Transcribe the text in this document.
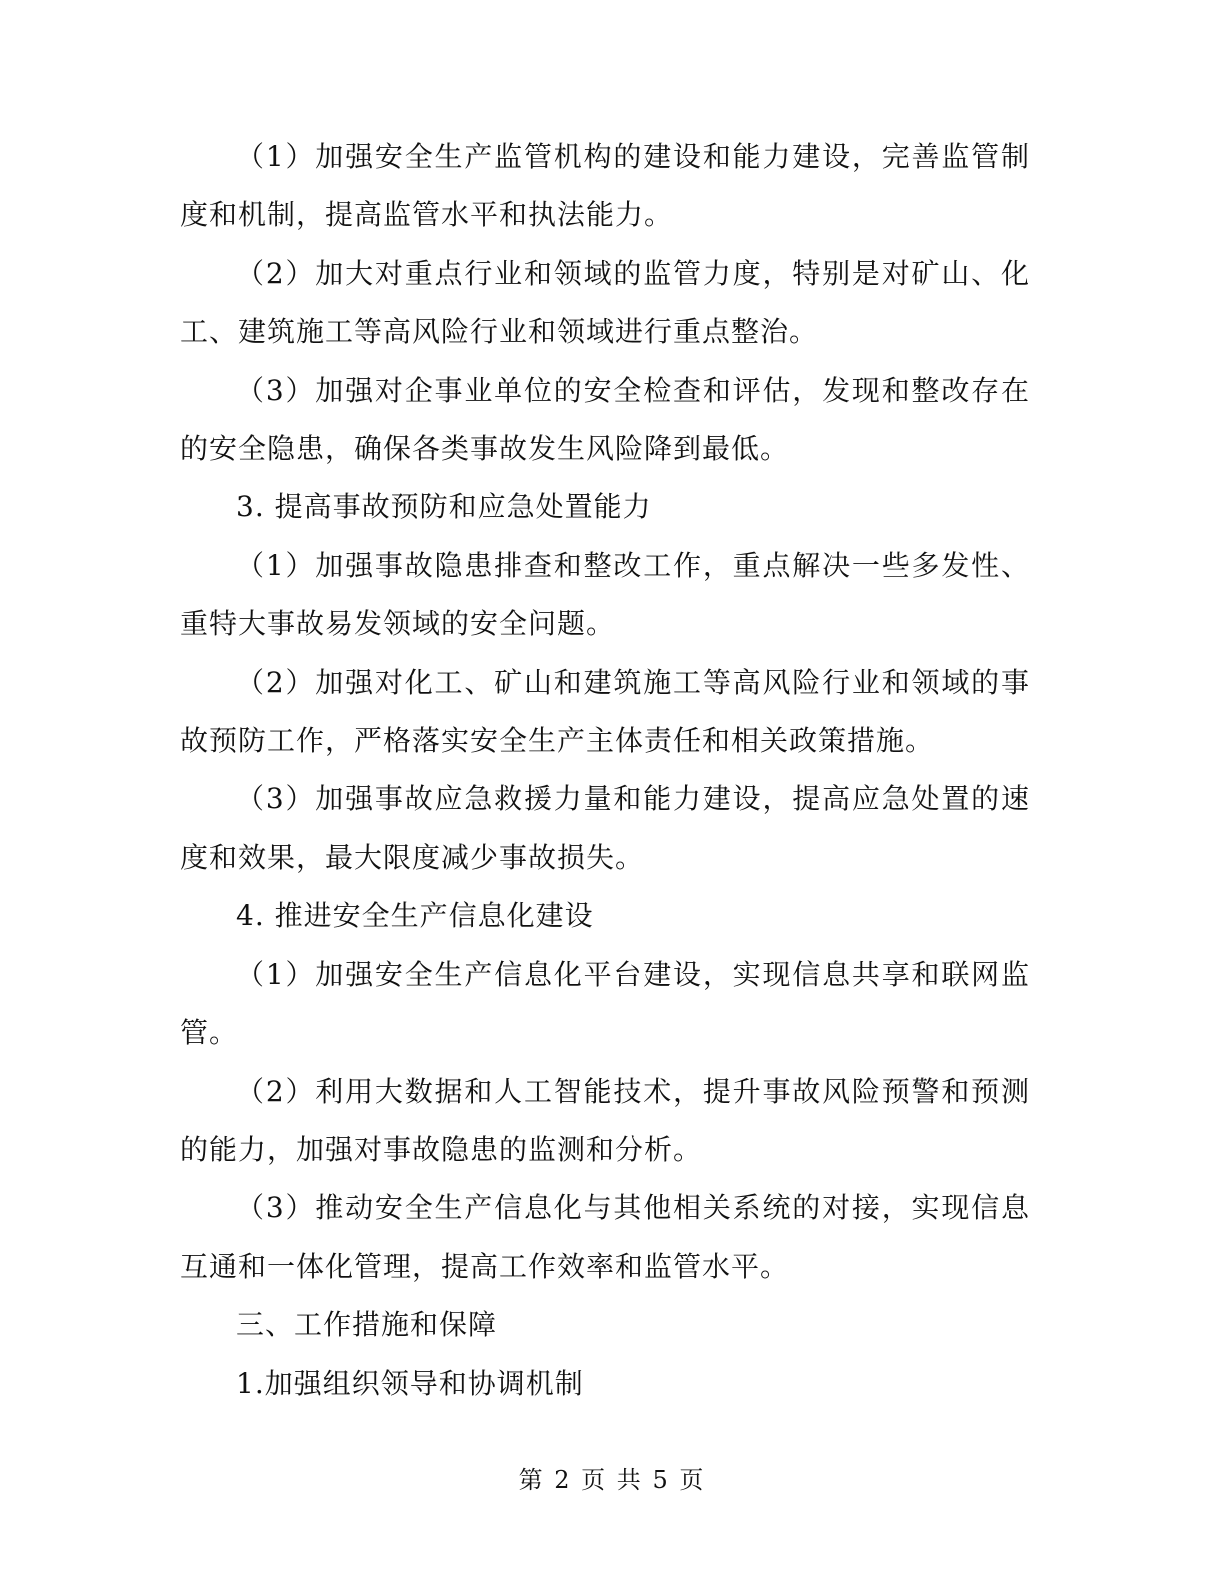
（1）加强安全生产监管机构的建设和能力建设，完善监管制度和机制，提高监管水平和执法能力。

（2）加大对重点行业和领域的监管力度，特别是对矿山、化工、建筑施工等高风险行业和领域进行重点整治。

（3）加强对企事业单位的安全检查和评估，发现和整改存在的安全隐患，确保各类事故发生风险降到最低。

3. 提高事故预防和应急处置能力

（1）加强事故隐患排查和整改工作，重点解决一些多发性、重特大事故易发领域的安全问题。

（2）加强对化工、矿山和建筑施工等高风险行业和领域的事故预防工作，严格落实安全生产主体责任和相关政策措施。

（3）加强事故应急救援力量和能力建设，提高应急处置的速度和效果，最大限度减少事故损失。

4. 推进安全生产信息化建设

（1）加强安全生产信息化平台建设，实现信息共享和联网监管。

（2）利用大数据和人工智能技术，提升事故风险预警和预测的能力，加强对事故隐患的监测和分析。

（3）推动安全生产信息化与其他相关系统的对接，实现信息互通和一体化管理，提高工作效率和监管水平。

三、工作措施和保障

1.加强组织领导和协调机制

第 2 页 共 5 页
